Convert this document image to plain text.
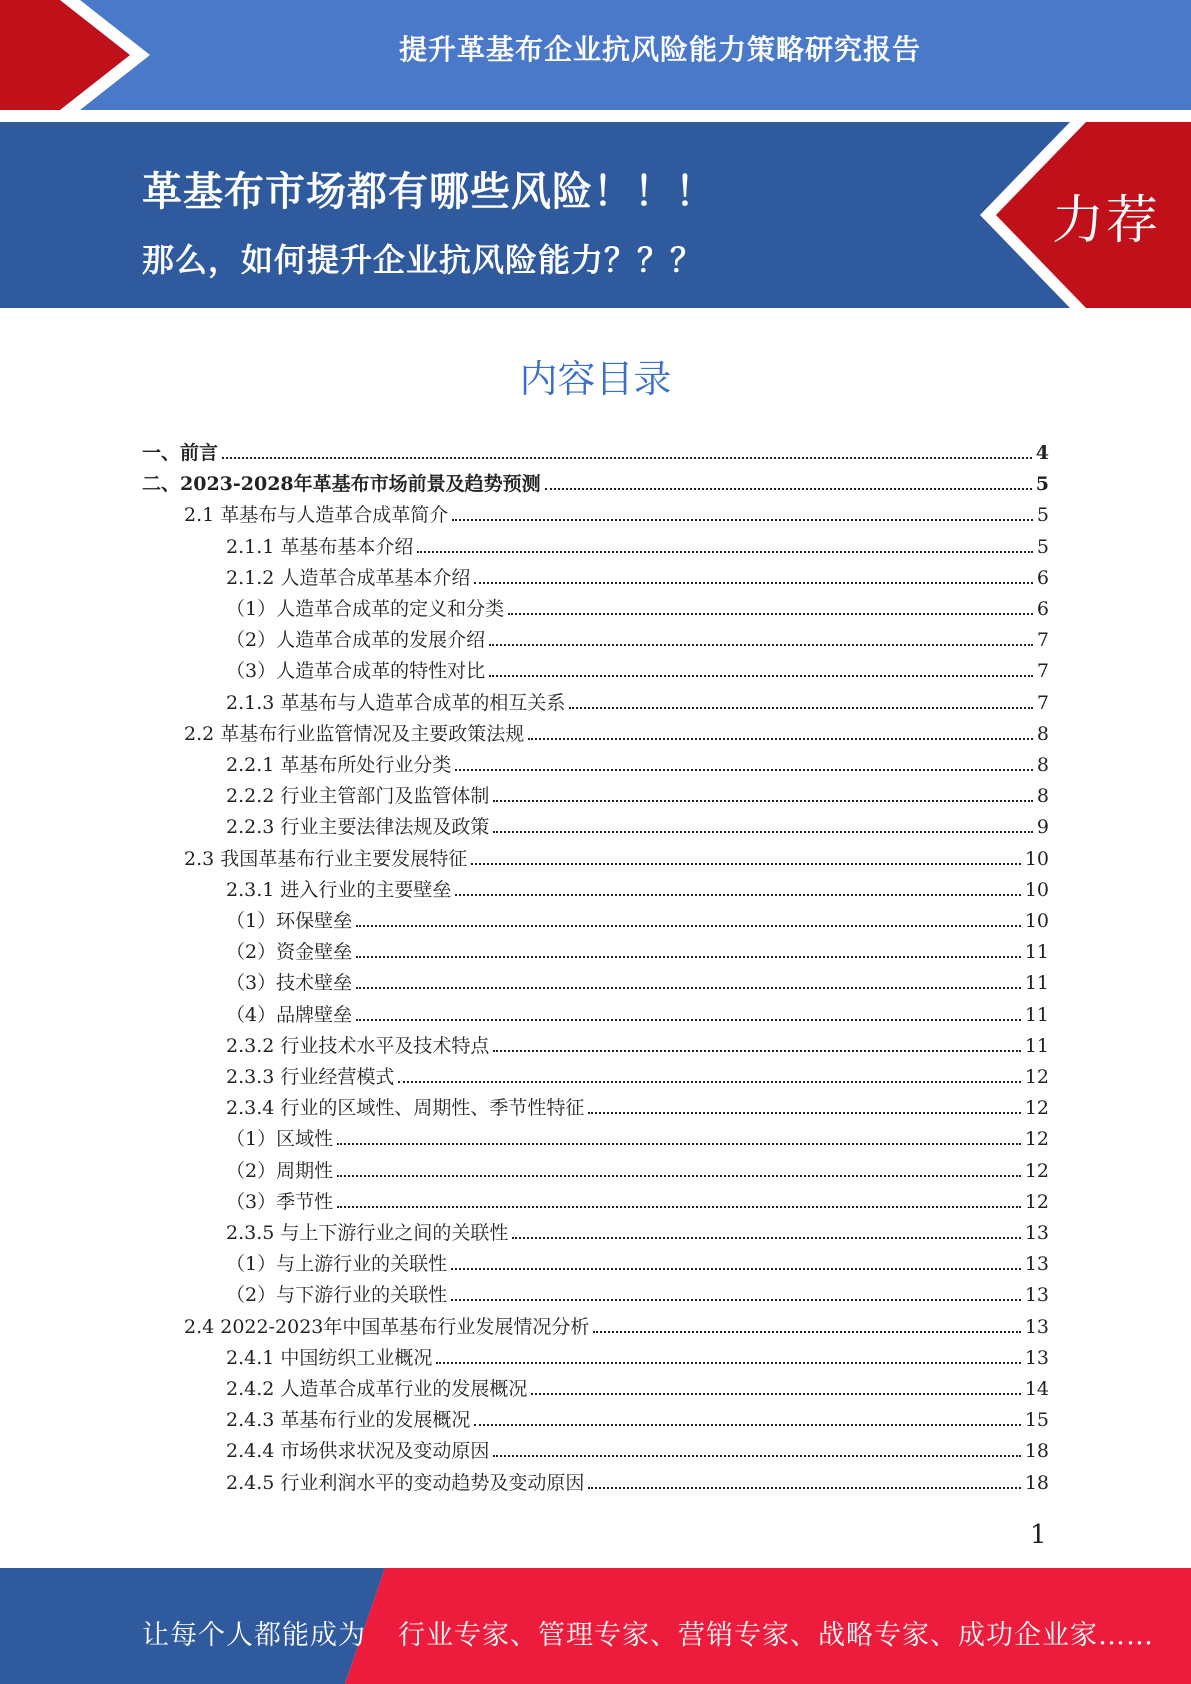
提升革基布企业抗风险能力策略研究报告
革基布市场都有哪些风险！！！
那么，如何提升企业抗风险能力？？？
力荐
内容目录
一、前言	4
二、2023-2028年革基布市场前景及趋势预测	5
2.1 革基布与人造革合成革简介	5
2.1.1 革基布基本介绍	5
2.1.2 人造革合成革基本介绍	6
（1）人造革合成革的定义和分类	6
（2）人造革合成革的发展介绍	7
（3）人造革合成革的特性对比	7
2.1.3 革基布与人造革合成革的相互关系	7
2.2 革基布行业监管情况及主要政策法规	8
2.2.1 革基布所处行业分类	8
2.2.2 行业主管部门及监管体制	8
2.2.3 行业主要法律法规及政策	9
2.3 我国革基布行业主要发展特征	10
2.3.1 进入行业的主要壁垒	10
（1）环保壁垒	10
（2）资金壁垒	11
（3）技术壁垒	11
（4）品牌壁垒	11
2.3.2 行业技术水平及技术特点	11
2.3.3 行业经营模式	12
2.3.4 行业的区域性、周期性、季节性特征	12
（1）区域性	12
（2）周期性	12
（3）季节性	12
2.3.5 与上下游行业之间的关联性	13
（1）与上游行业的关联性	13
（2）与下游行业的关联性	13
2.4 2022-2023年中国革基布行业发展情况分析	13
2.4.1 中国纺织工业概况	13
2.4.2 人造革合成革行业的发展概况	14
2.4.3 革基布行业的发展概况	15
2.4.4 市场供求状况及变动原因	18
2.4.5 行业利润水平的变动趋势及变动原因	18
1
让每个人都能成为 行业专家、管理专家、营销专家、战略专家、成功企业家……
